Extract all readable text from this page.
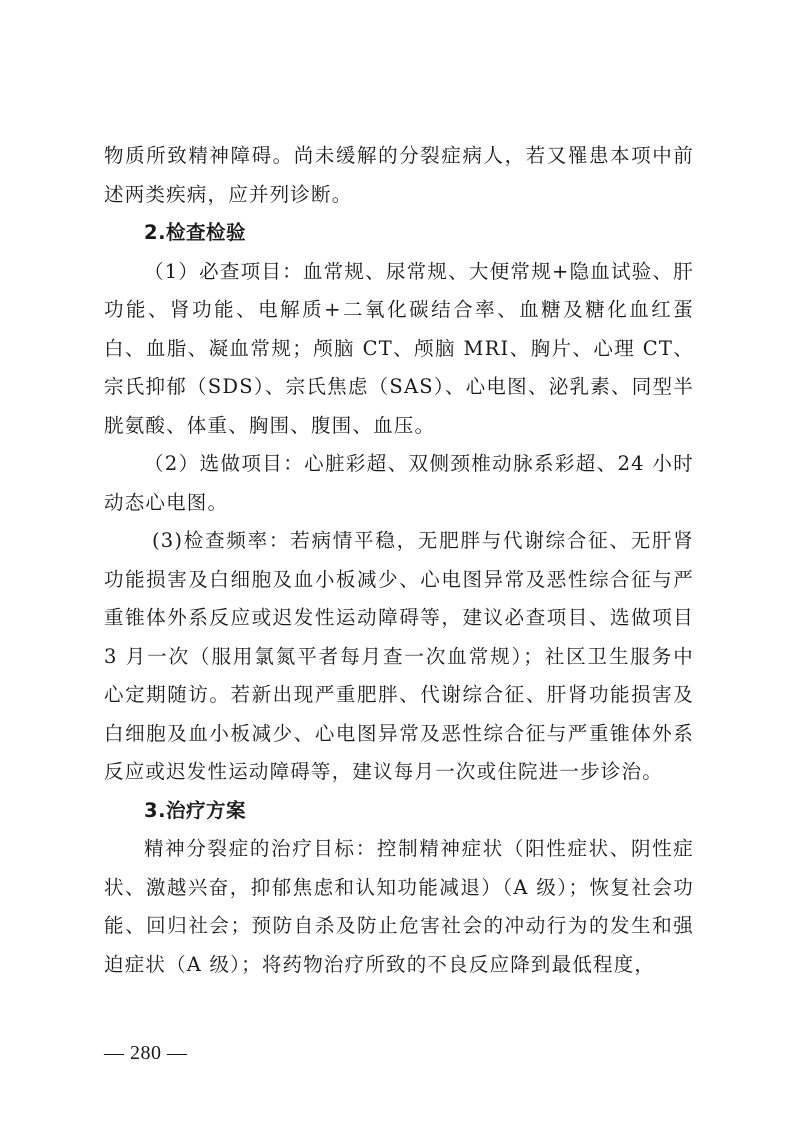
物质所致精神障碍。尚未缓解的分裂症病人，若又罹患本项中前述两类疾病，应并列诊断。

2.检查检验

（1）必查项目：血常规、尿常规、大便常规+隐血试验、肝功能、肾功能、电解质+二氧化碳结合率、血糖及糖化血红蛋白、血脂、凝血常规；颅脑 CT、颅脑 MRI、胸片、心理 CT、宗氏抑郁（SDS）、宗氏焦虑（SAS）、心电图、泌乳素、同型半胱氨酸、体重、胸围、腹围、血压。

（2）选做项目：心脏彩超、双侧颈椎动脉系彩超、24 小时动态心电图。

(3)检查频率：若病情平稳，无肥胖与代谢综合征、无肝肾功能损害及白细胞及血小板减少、心电图异常及恶性综合征与严重锥体外系反应或迟发性运动障碍等，建议必查项目、选做项目 3 月一次（服用氯氮平者每月查一次血常规）；社区卫生服务中心定期随访。若新出现严重肥胖、代谢综合征、肝肾功能损害及白细胞及血小板减少、心电图异常及恶性综合征与严重锥体外系反应或迟发性运动障碍等，建议每月一次或住院进一步诊治。

3.治疗方案

精神分裂症的治疗目标：控制精神症状（阳性症状、阴性症状、激越兴奋，抑郁焦虑和认知功能减退）（A 级）；恢复社会功能、回归社会；预防自杀及防止危害社会的冲动行为的发生和强迫症状（A 级）；将药物治疗所致的不良反应降到最低程度，

— 280 —
